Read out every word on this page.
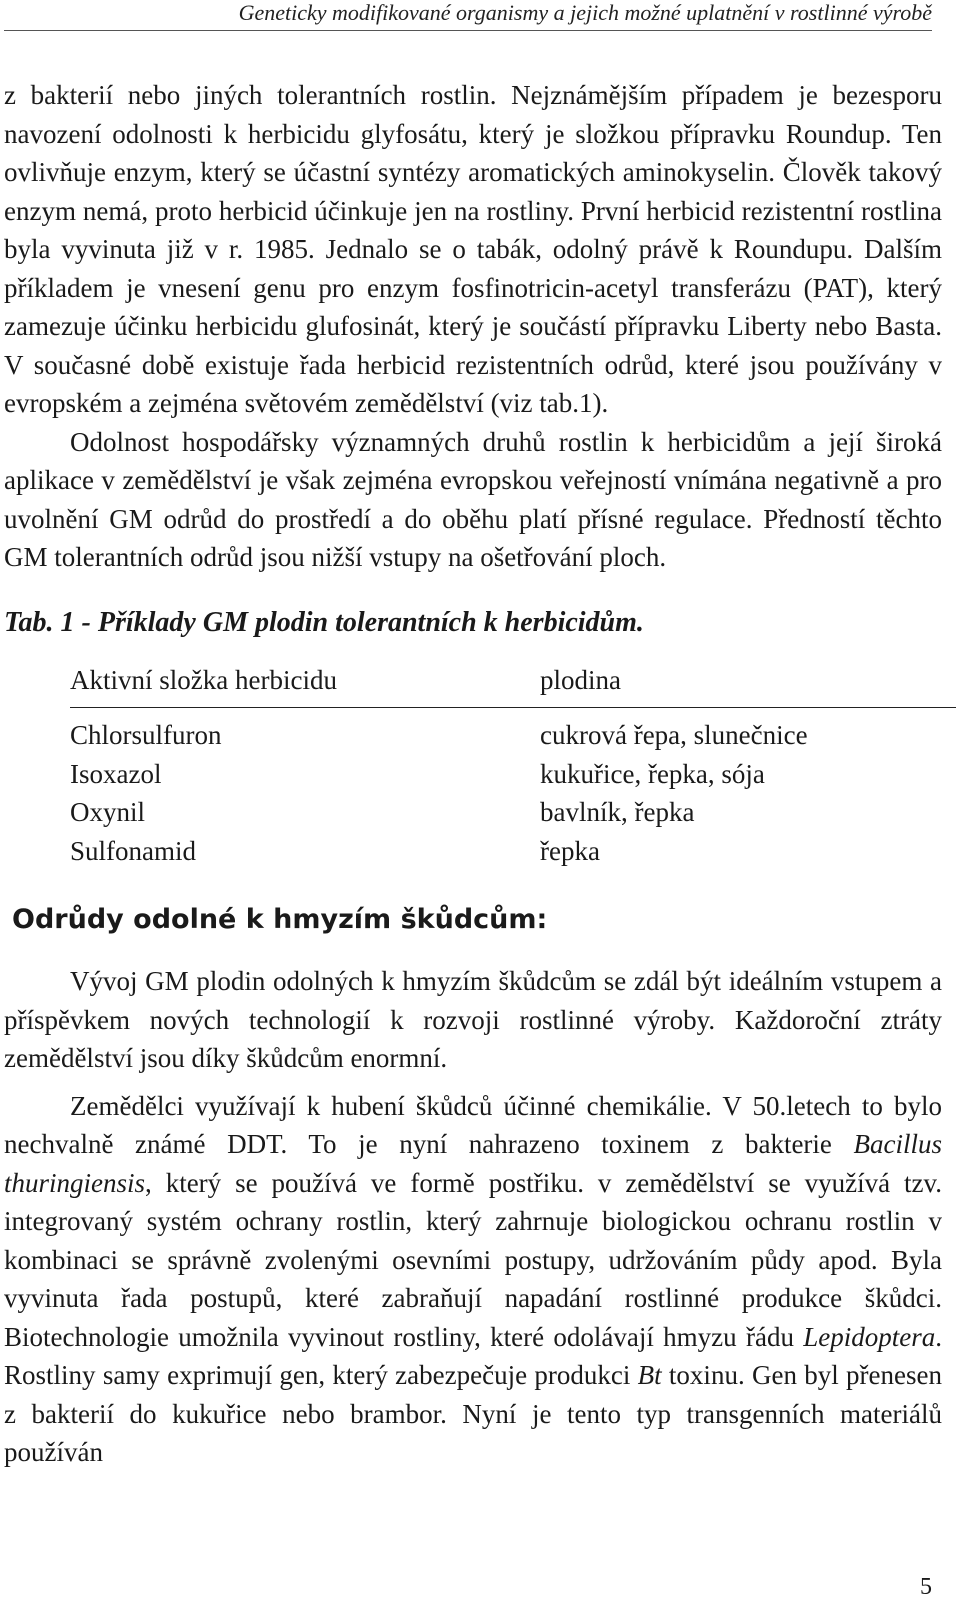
Geneticky modifikované organismy a jejich možné uplatnění v rostlinné výrobě

z bakterií nebo jiných tolerantních rostlin. Nejznámějším případem je bezesporu navození odolnosti k herbicidu glyfosátu, který je složkou přípravku Roundup. Ten ovlivňuje enzym, který se účastní syntézy aromatických aminokyselin. Člověk takový enzym nemá, proto herbicid účinkuje jen na rostliny. První herbicid rezistentní rostlina byla vyvinuta již v r. 1985. Jednalo se o tabák, odolný právě k Roundupu. Dalším příkladem je vnesení genu pro enzym fosfinotricin-acetyl transferázu (PAT), který zamezuje účinku herbicidu glufosinát, který je součástí přípravku Liberty nebo Basta. V současné době existuje řada herbicid rezistentních odrůd, které jsou používány v evropském a zejména světovém zemědělství (viz tab.1).

Odolnost hospodářsky významných druhů rostlin k herbicidům a její široká aplikace v zemědělství je však zejména evropskou veřejností vnímána negativně a pro uvolnění GM odrůd do prostředí a do oběhu platí přísné regulace. Předností těchto GM tolerantních odrůd jsou nižší vstupy na ošetřování ploch.

Tab. 1 - Příklady GM plodin tolerantních k herbicidům.
Aktivní složka herbicidu	plodina
Chlorsulfuron	cukrová řepa, slunečnice
Isoxazol	kukuřice, řepka, sója
Oxynil	bavlník, řepka
Sulfonamid	řepka
Odrůdy odolné k hmyzím škůdcům:

Vývoj GM plodin odolných k hmyzím škůdcům se zdál být ideálním vstupem a příspěvkem nových technologií k rozvoji rostlinné výroby. Každoroční ztráty zemědělství jsou díky škůdcům enormní.

Zemědělci využívají k hubení škůdců účinné chemikálie. V 50.letech to bylo nechvalně známé DDT. To je nyní nahrazeno toxinem z bakterie Bacillus thuringiensis, který se používá ve formě postřiku. v zemědělství se využívá tzv. integrovaný systém ochrany rostlin, který zahrnuje biologickou ochranu rostlin v kombinaci se správně zvolenými osevními postupy, udržováním půdy apod. Byla vyvinuta řada postupů, které zabraňují napadání rostlinné produkce škůdci. Biotechnologie umožnila vyvinout rostliny, které odolávají hmyzu řádu Lepidoptera. Rostliny samy exprimují gen, který zabezpečuje produkci Bt toxinu. Gen byl přenesen z bakterií do kukuřice nebo brambor. Nyní je tento typ transgenních materiálů používán

5
